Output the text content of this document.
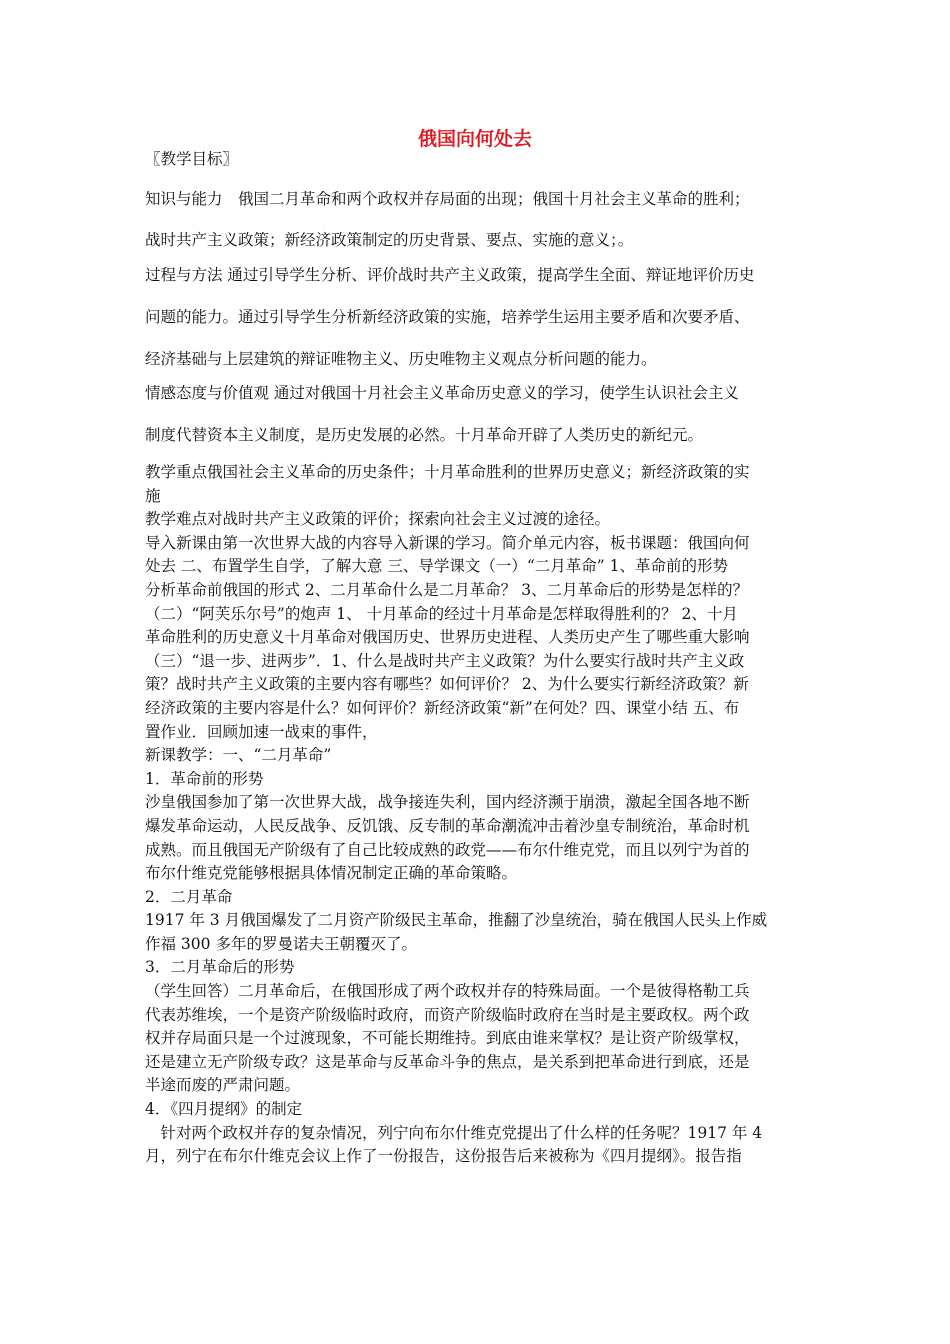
俄国向何处去

〖教学目标〗

知识与能力　俄国二月革命和两个政权并存局面的出现；俄国十月社会主义革命的胜利；

战时共产主义政策；新经济政策制定的历史背景、要点、实施的意义；。

过程与方法 通过引导学生分析、评价战时共产主义政策，提高学生全面、辩证地评价历史

问题的能力。通过引导学生分析新经济政策的实施，培养学生运用主要矛盾和次要矛盾、

经济基础与上层建筑的辩证唯物主义、历史唯物主义观点分析问题的能力。

情感态度与价值观 通过对俄国十月社会主义革命历史意义的学习，使学生认识社会主义

制度代替资本主义制度，是历史发展的必然。十月革命开辟了人类历史的新纪元。

教学重点俄国社会主义革命的历史条件；十月革命胜利的世界历史意义；新经济政策的实

施

教学难点对战时共产主义政策的评价；探索向社会主义过渡的途径。

导入新课由第一次世界大战的内容导入新课的学习。简介单元内容，板书课题：俄国向何

处去 二、布置学生自学，了解大意 三、导学课文（一）“二月革命” 1、革命前的形势

分析革命前俄国的形式 2、二月革命什么是二月革命？ 3、二月革命后的形势是怎样的？

（二）“阿芙乐尔号”的炮声 1、 十月革命的经过十月革命是怎样取得胜利的？ 2、十月

革命胜利的历史意义十月革命对俄国历史、世界历史进程、人类历史产生了哪些重大影响

（三）“退一步、进两步”．1、什么是战时共产主义政策？为什么要实行战时共产主义政

策？战时共产主义政策的主要内容有哪些？如何评价？ 2、为什么要实行新经济政策？新

经济政策的主要内容是什么？如何评价？新经济政策“新”在何处？四、课堂小结 五、布

置作业．回顾加速一战束的事件，

新课教学：一、“二月革命”

1．革命前的形势

沙皇俄国参加了第一次世界大战，战争接连失利，国内经济濒于崩溃，激起全国各地不断

爆发革命运动，人民反战争、反饥饿、反专制的革命潮流冲击着沙皇专制统治，革命时机

成熟。而且俄国无产阶级有了自己比较成熟的政党——布尔什维克党，而且以列宁为首的

布尔什维克党能够根据具体情况制定正确的革命策略。

2．二月革命

1917 年 3 月俄国爆发了二月资产阶级民主革命，推翻了沙皇统治，骑在俄国人民头上作威

作福 300 多年的罗曼诺夫王朝覆灭了。

3．二月革命后的形势

（学生回答）二月革命后，在俄国形成了两个政权并存的特殊局面。一个是彼得格勒工兵

代表苏维埃，一个是资产阶级临时政府，而资产阶级临时政府在当时是主要政权。两个政

权并存局面只是一个过渡现象，不可能长期维持。到底由谁来掌权？是让资产阶级掌权，

还是建立无产阶级专政？这是革命与反革命斗争的焦点，是关系到把革命进行到底，还是

半途而废的严肃问题。

4．《四月提纲》的制定

针对两个政权并存的复杂情况，列宁向布尔什维克党提出了什么样的任务呢？1917 年 4

月，列宁在布尔什维克会议上作了一份报告，这份报告后来被称为《四月提纲》。报告指
